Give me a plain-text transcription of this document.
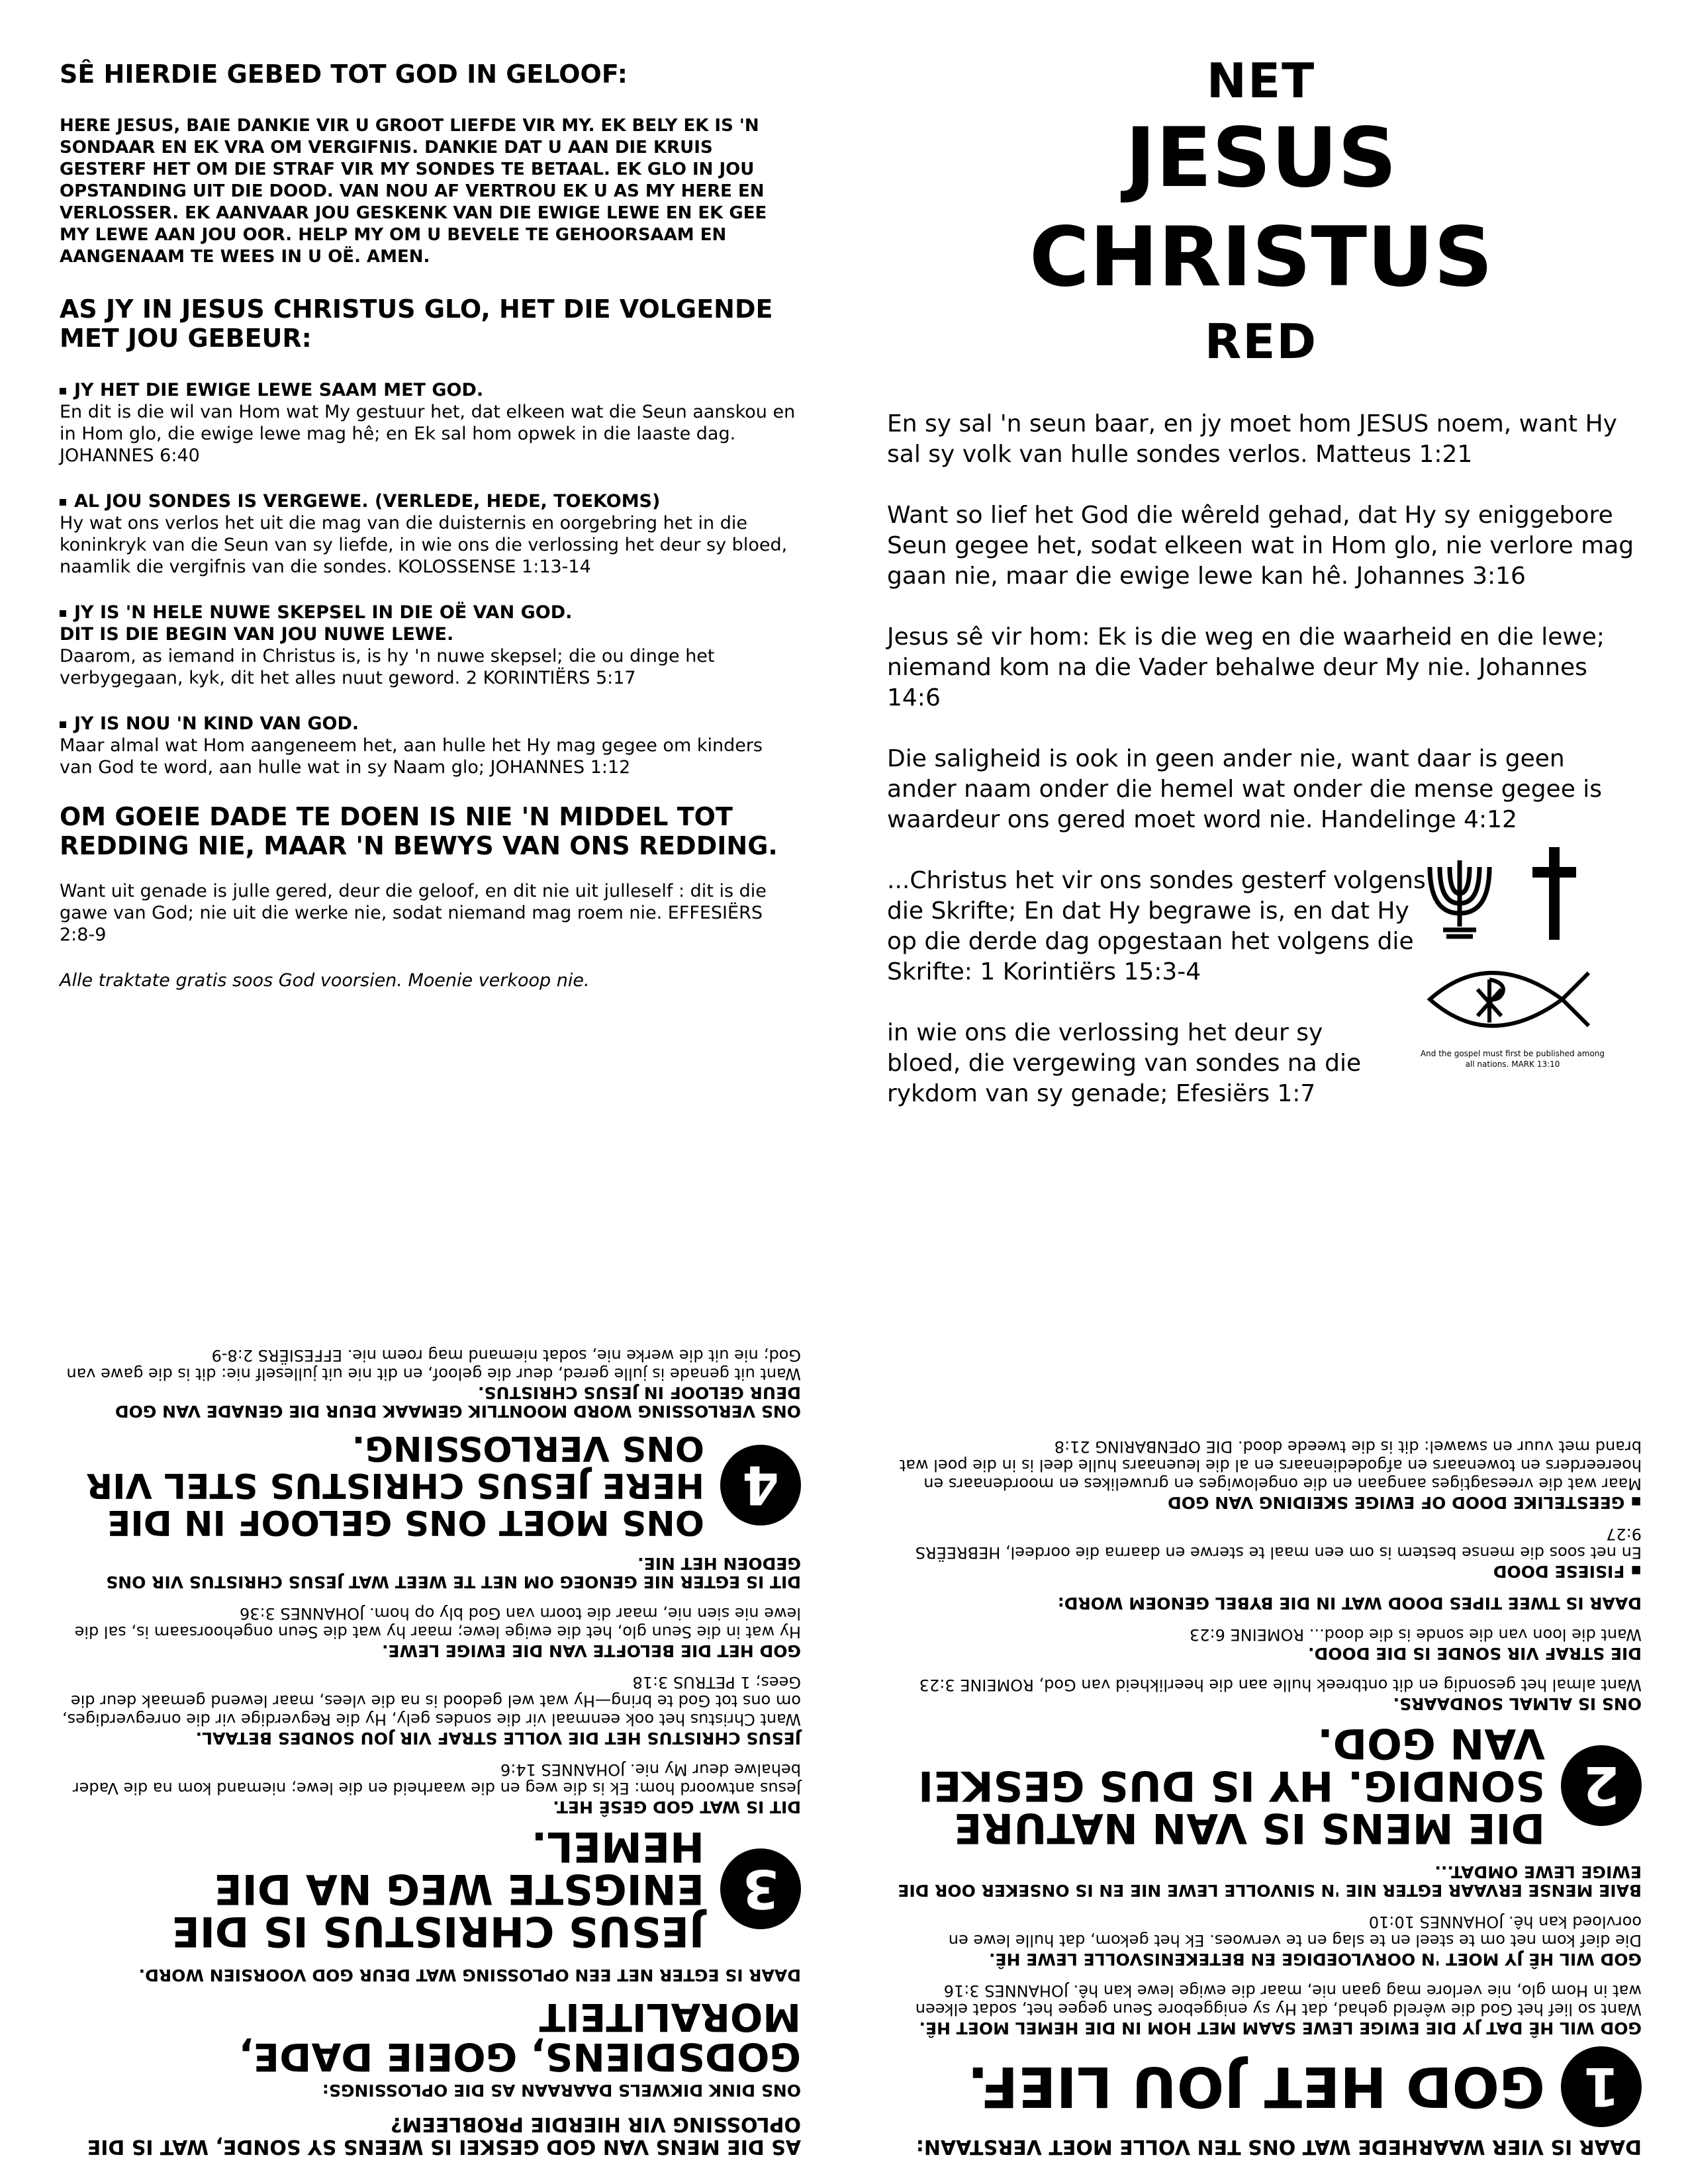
SÊ HIERDIE GEBED TOT GOD IN GELOOF:
HERE JESUS, BAIE DANKIE VIR U GROOT LIEFDE VIR MY. EK BELY EK IS 'N SONDAAR EN EK VRA OM VERGIFNIS. DANKIE DAT U AAN DIE KRUIS GESTERF HET OM DIE STRAF VIR MY SONDES TE BETAAL. EK GLO IN JOU OPSTANDING UIT DIE DOOD. VAN NOU AF VERTROU EK U AS MY HERE EN VERLOSSER. EK AANVAAR JOU GESKENK VAN DIE EWIGE LEWE EN EK GEE MY LEWE AAN JOU OOR. HELP MY OM U BEVELE TE GEHOORSAAM EN AANGENAAM TE WEES IN U OË. AMEN.
AS JY IN JESUS CHRISTUS GLO, HET DIE VOLGENDE MET JOU GEBEUR:

JY HET DIE EWIGE LEWE SAAM MET GOD.

En dit is die wil van Hom wat My gestuur het, dat elkeen wat die Seun aanskou en in Hom glo, die ewige lewe mag hê; en Ek sal hom opwek in die laaste dag. JOHANNES 6:40

AL JOU SONDES IS VERGEWE. (VERLEDE, HEDE, TOEKOMS)

Hy wat ons verlos het uit die mag van die duisternis en oorgebring het in die koninkryk van die Seun van sy liefde, in wie ons die verlossing het deur sy bloed, naamlik die vergifnis van die sondes. KOLOSSENSE 1:13-14

JY IS 'N HELE NUWE SKEPSEL IN DIE OË VAN GOD.

DIT IS DIE BEGIN VAN JOU NUWE LEWE.

Daarom, as iemand in Christus is, is hy 'n nuwe skepsel; die ou dinge het verbygegaan, kyk, dit het alles nuut geword. 2 KORINTIËRS 5:17

JY IS NOU 'N KIND VAN GOD.

Maar almal wat Hom aangeneem het, aan hulle het Hy mag gegee om kinders van God te word, aan hulle wat in sy Naam glo; JOHANNES 1:12

OM GOEIE DADE TE DOEN IS NIE 'N MIDDEL TOT REDDING NIE, MAAR 'N BEWYS VAN ONS REDDING.

Want uit genade is julle gered, deur die geloof, en dit nie uit julleself : dit is die gawe van God; nie uit die werke nie, sodat niemand mag roem nie. EFFESIËRS 2:8-9

Alle traktate gratis soos God voorsien. Moenie verkoop nie.
NET
JESUS CHRISTUS
RED

En sy sal 'n seun baar, en jy moet hom JESUS noem, want Hy sal sy volk van hulle sondes verlos. Matteus 1:21

Want so lief het God die wêreld gehad, dat Hy sy eniggebore Seun gegee het, sodat elkeen wat in Hom glo, nie verlore mag gaan nie, maar die ewige lewe kan hê. Johannes 3:16

Jesus sê vir hom: Ek is die weg en die waarheid en die lewe; niemand kom na die Vader behalwe deur My nie. Johannes 14:6

Die saligheid is ook in geen ander nie, want daar is geen ander naam onder die hemel wat onder die mense gegee is waardeur ons gered moet word nie. Handelinge 4:12

...Christus het vir ons sondes gesterf volgens die Skrifte; En dat Hy begrawe is, en dat Hy op die derde dag opgestaan het volgens die Skrifte: 1 Korintiërs 15:3-4

in wie ons die verlossing het deur sy bloed, die vergewing van sondes na die rykdom van sy genade; Efesiërs 1:7

And the gospel must first be published among all nations. MARK 13:10
AS DIE MENS VAN GOD GESKEI IS WEENS SY SONDE, WAT IS DIE OPLOSSING VIR HIERDIE PROBLEEM?

ONS DINK DIKWELS DAARAAN AS DIE OPLOSSINGS:

GODSDIENS, GOEIE DADE, MORALITEIT

DAAR IS EGTER NET EEN OPLOSSING WAT DEUR GOD VOORSIEN WORD.

3
JESUS CHRISTUS IS DIE ENIGSTE WEG NA DIE HEMEL.

DIT IS WAT GOD GESÊ HET.

Jesus antwoord hom: Ek is die weg en die waarheid en die lewe; niemand kom na die Vader behalwe deur My nie. JOHANNES 14:6

JESUS CHRISTUS HET DIE VOLLE STRAF VIR JOU SONDES BETAAL.

Want Christus het ook eenmaal vir die sondes gely, Hy die Regverdige vir die onregverdiges, om ons tot God te bring—Hy wat wel gedood is na die vlees, maar lewend gemaak deur die Gees; 1 PETRUS 3:18

GOD HET DIE BELOFTE VAN DIE EWIGE LEWE.

Hy wat in die Seun glo, het die ewige lewe; maar hy wat die Seun ongehoorsaam is, sal die lewe nie sien nie, maar die toorn van God bly op hom. JOHANNES 3:36

DIT IS EGTER NIE GENOEG OM NET TE WEET WAT JESUS CHRISTUS VIR ONS GEDOEN HET NIE.

4
ONS MOET ONS GELOOF IN DIE HERE JESUS CHRISTUS STEL VIR ONS VERLOSSING.

ONS VERLOSSING WORD MOONTLIK GEMAAK DEUR DIE GENADE VAN GOD DEUR GELOOF IN JESUS CHRISTUS.

Want uit genade is julle gered, deur die geloof, en dit nie uit julleself nie: dit is die gawe van God; nie uit die werke nie, sodat niemand mag roem nie. EFFESIËRS 2:8-9

DAAR IS VIER WAARHEDE WAT ONS TEN VOLLE MOET VERSTAAN:
1
GOD HET JOU LIEF.

GOD WIL HÊ DAT JY DIE EWIGE LEWE SAAM MET HOM IN DIE HEMEL MOET HÊ.

Want so lief het God die wêreld gehad, dat Hy sy eniggebore Seun gegee het, sodat elkeen wat in Hom glo, nie verlore mag gaan nie, maar die ewige lewe kan hê. JOHANNES 3:16

GOD WIL HÊ JY MOET 'N OORVLOEDIGE EN BETEKENISVOLLE LEWE HÊ.

Die dief kom net om te steel en te slag en te verwoes. Ek het gekom, dat hulle lewe en oorvloed kan hê. JOHANNES 10:10

BAIE MENSE ERVAAR EGTER NIE 'N SINVOLLE LEWE NIE EN IS ONSEKER OOR DIE EWIGE LEWE OMDAT...

2
DIE MENS IS VAN NATURE SONDIG. HY IS DUS GESKEI VAN GOD.

ONS IS ALMAL SONDAARS.

Want almal het gesondig en dit ontbreek hulle aan die heerlikheid van God, ROMEINE 3:23

DIE STRAF VIR SONDE IS DIE DOOD.

Want die loon van die sonde is die dood... ROMEINE 6:23

DAAR IS TWEE TIPES DOOD WAT IN DIE BYBEL GENOEM WORD:

▪ FISIESE DOOD

En net soos die mense bestem is om een maal te sterwe en daarna die oordeel, HEBREËRS 9:27

▪ GEESTELIKE DOOD OF EWIGE SKEIDING VAN GOD

Maar wat die vreesagtiges aangaan en die ongelowiges en gruwelikes en moordenaars en hoereerders en towenaars en afgodedienaars en al die leuenaars hulle deel is in die poel wat brand met vuur en swawel: dit is die tweede dood. DIE OPENBARING 21:8
